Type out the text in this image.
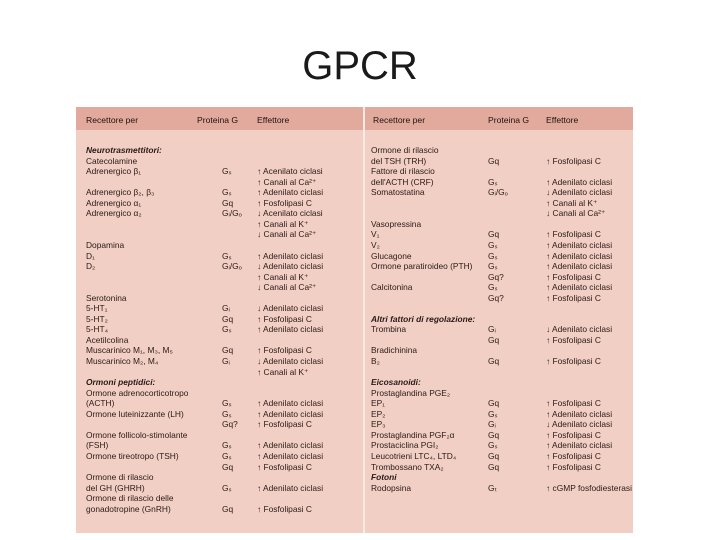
GPCR
Recettore per	Proteina G Effettore	Recettore per	Proteina G Effettore
Neurotrasmettitori:
Catecolamine
Adrenergico β₁	Gₛ	↑ Acenilato ciclasi
↑ Canali al Ca²⁺
Adrenergico β₂, β₃	Gₛ	↑ Adenilato ciclasi
Adrenergico α₁	Gq	↑ Fosfolipasi C
Adrenergico α₂	Gᵢ/Gₒ ↓ Acenilato ciclasi
↑ Canali al K⁺
↓ Canali al Ca²⁺
Dopamina
D₁	Gₛ	↑ Adenilato ciclasi
D₂	Gᵢ/Gₒ ↓ Adenilato ciclasi
↑ Canali al K⁺
↓ Canali al Ca²⁺
Serotonina
5-HT₁	Gᵢ	↓ Adenilato ciclasi
5-HT₂	Gq	↑ Fosfolipasi C
5-HT₄	Gₛ	↑ Adenilato ciclasi
Acetilcolina
Muscarinico M₁, M₃, M₅	Gq	↑ Fosfolipasi C
Muscarinico M₂, M₄	Gᵢ	↓ Adenilato ciclasi
↑ Canali al K⁺
Ormoni peptidici:
Ormone adrenocorticotropo
(ACTH)	Gₛ	↑ Adenilato ciclasi
Ormone luteinizzante (LH)	Gₛ	↑ Adenilato ciclasi
Gq? ↑ Fosfolipasi C
Ormone follicolo-stimolante
(FSH)	Gₛ	↑ Adenilato ciclasi
Ormone tireotropo (TSH)	Gₛ	↑ Adenilato ciclasi
Gq	↑ Fosfolipasi C
Ormone di rilascio
del GH (GHRH)	Gₛ	↑ Adenilato ciclasi
Ormone di rilascio delle
gonadotropine (GnRH)	Gq	↑ Fosfolipasi C
Ormone di rilascio
del TSH (TRH)	Gq	↑ Fosfolipasi C
Fattore di rilascio
dell'ACTH (CRF)	Gₛ	↑ Adenilato ciclasi
Somatostatina	Gᵢ/Gₒ	↓ Adenilato ciclasi
↑ Canali al K⁺
↓ Canali al Ca²⁺
Vasopressina
V₁	Gq	↑ Fosfolipasi C
V₂	Gₛ	↑ Adenilato ciclasi
Glucagone	Gₛ	↑ Adenilato ciclasi
Ormone paratiroideo (PTH) Gₛ	↑ Adenilato ciclasi
Gq?	↑ Fosfolipasi C
Calcitonina	Gₛ	↑ Adenilato ciclasi
Gq?	↑ Fosfolipasi C
Altri fattori di regolazione:
Trombina	Gᵢ	↓ Adenilato ciclasi
Gq	↑ Fosfolipasi C
Bradichinina
B₂	Gq	↑ Fosfolipasi C
Eicosanoidi:
Prostaglandina PGE₂
EP₁	Gq	↑ Fosfolipasi C
EP₂	Gₛ	↑ Adenilato ciclasi
EP₃	Gᵢ	↓ Adenilato ciclasi
Prostaglandina PGF₂α	Gq	↑ Fosfolipasi C
Prostaciclina PGI₂	Gₛ	↑ Adenilato ciclasi
Leucotrieni LTC₄, LTD₄	Gq	↑ Fosfolipasi C
Trombossano TXA₂	Gq	↑ Fosfolipasi C
Fotoni
Rodopsina	Gₜ	↑ cGMP fosfodiesterasi
